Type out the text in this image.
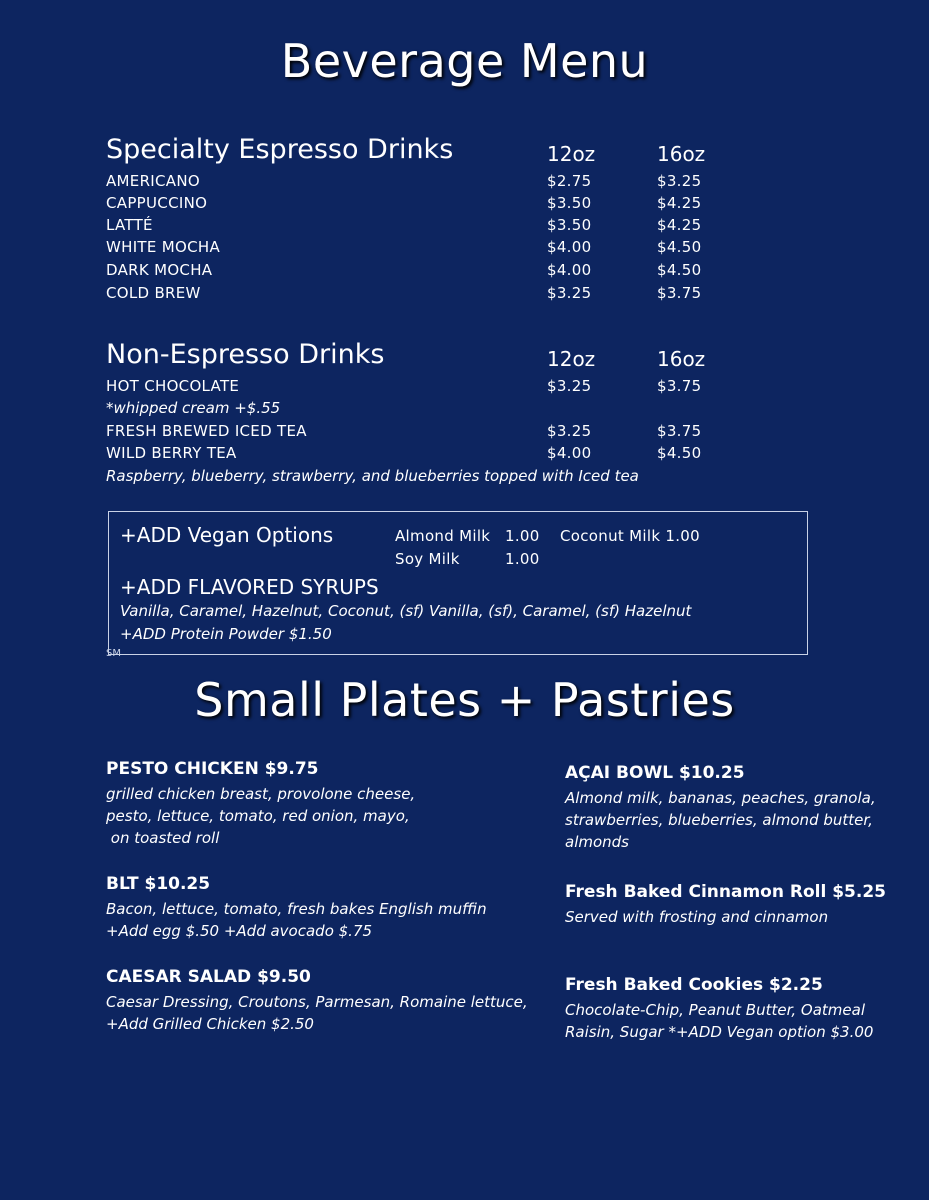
Beverage Menu
Specialty Espresso Drinks	12oz	16oz
AMERICANO	$2.75	$3.25
CAPPUCCINO	$3.50	$4.25
LATTÉ	$3.50	$4.25
WHITE MOCHA	$4.00	$4.50
DARK MOCHA	$4.00	$4.50
COLD BREW	$3.25	$3.75
Non-Espresso Drinks	12oz	16oz
HOT CHOCOLATE	$3.25	$3.75
*whipped cream +$.55
FRESH BREWED ICED TEA	$3.25	$3.75
WILD BERRY TEA	$4.00	$4.50
Raspberry, blueberry, strawberry, and blueberries topped with Iced tea
+ADD Vegan Options	Almond Milk 1.00 Coconut Milk 1.00
Soy Milk	1.00
+ADD FLAVORED SYRUPS
Vanilla, Caramel, Hazelnut, Coconut, (sf) Vanilla, (sf), Caramel, (sf) Hazelnut
+ADD Protein Powder $1.50
SM
Small Plates + Pastries
PESTO CHICKEN $9.75
grilled chicken breast, provolone cheese,
pesto, lettuce, tomato, red onion, mayo,
on toasted roll
BLT $10.25
Bacon, lettuce, tomato, fresh bakes English muffin
+Add egg $.50 +Add avocado $.75
CAESAR SALAD $9.50
Caesar Dressing, Croutons, Parmesan, Romaine lettuce,
+Add Grilled Chicken $2.50
AÇAI BOWL $10.25
Almond milk, bananas, peaches, granola,
strawberries, blueberries, almond butter,
almonds
Fresh Baked Cinnamon Roll $5.25
Served with frosting and cinnamon
Fresh Baked Cookies $2.25
Chocolate-Chip, Peanut Butter, Oatmeal
Raisin, Sugar *+ADD Vegan option $3.00
